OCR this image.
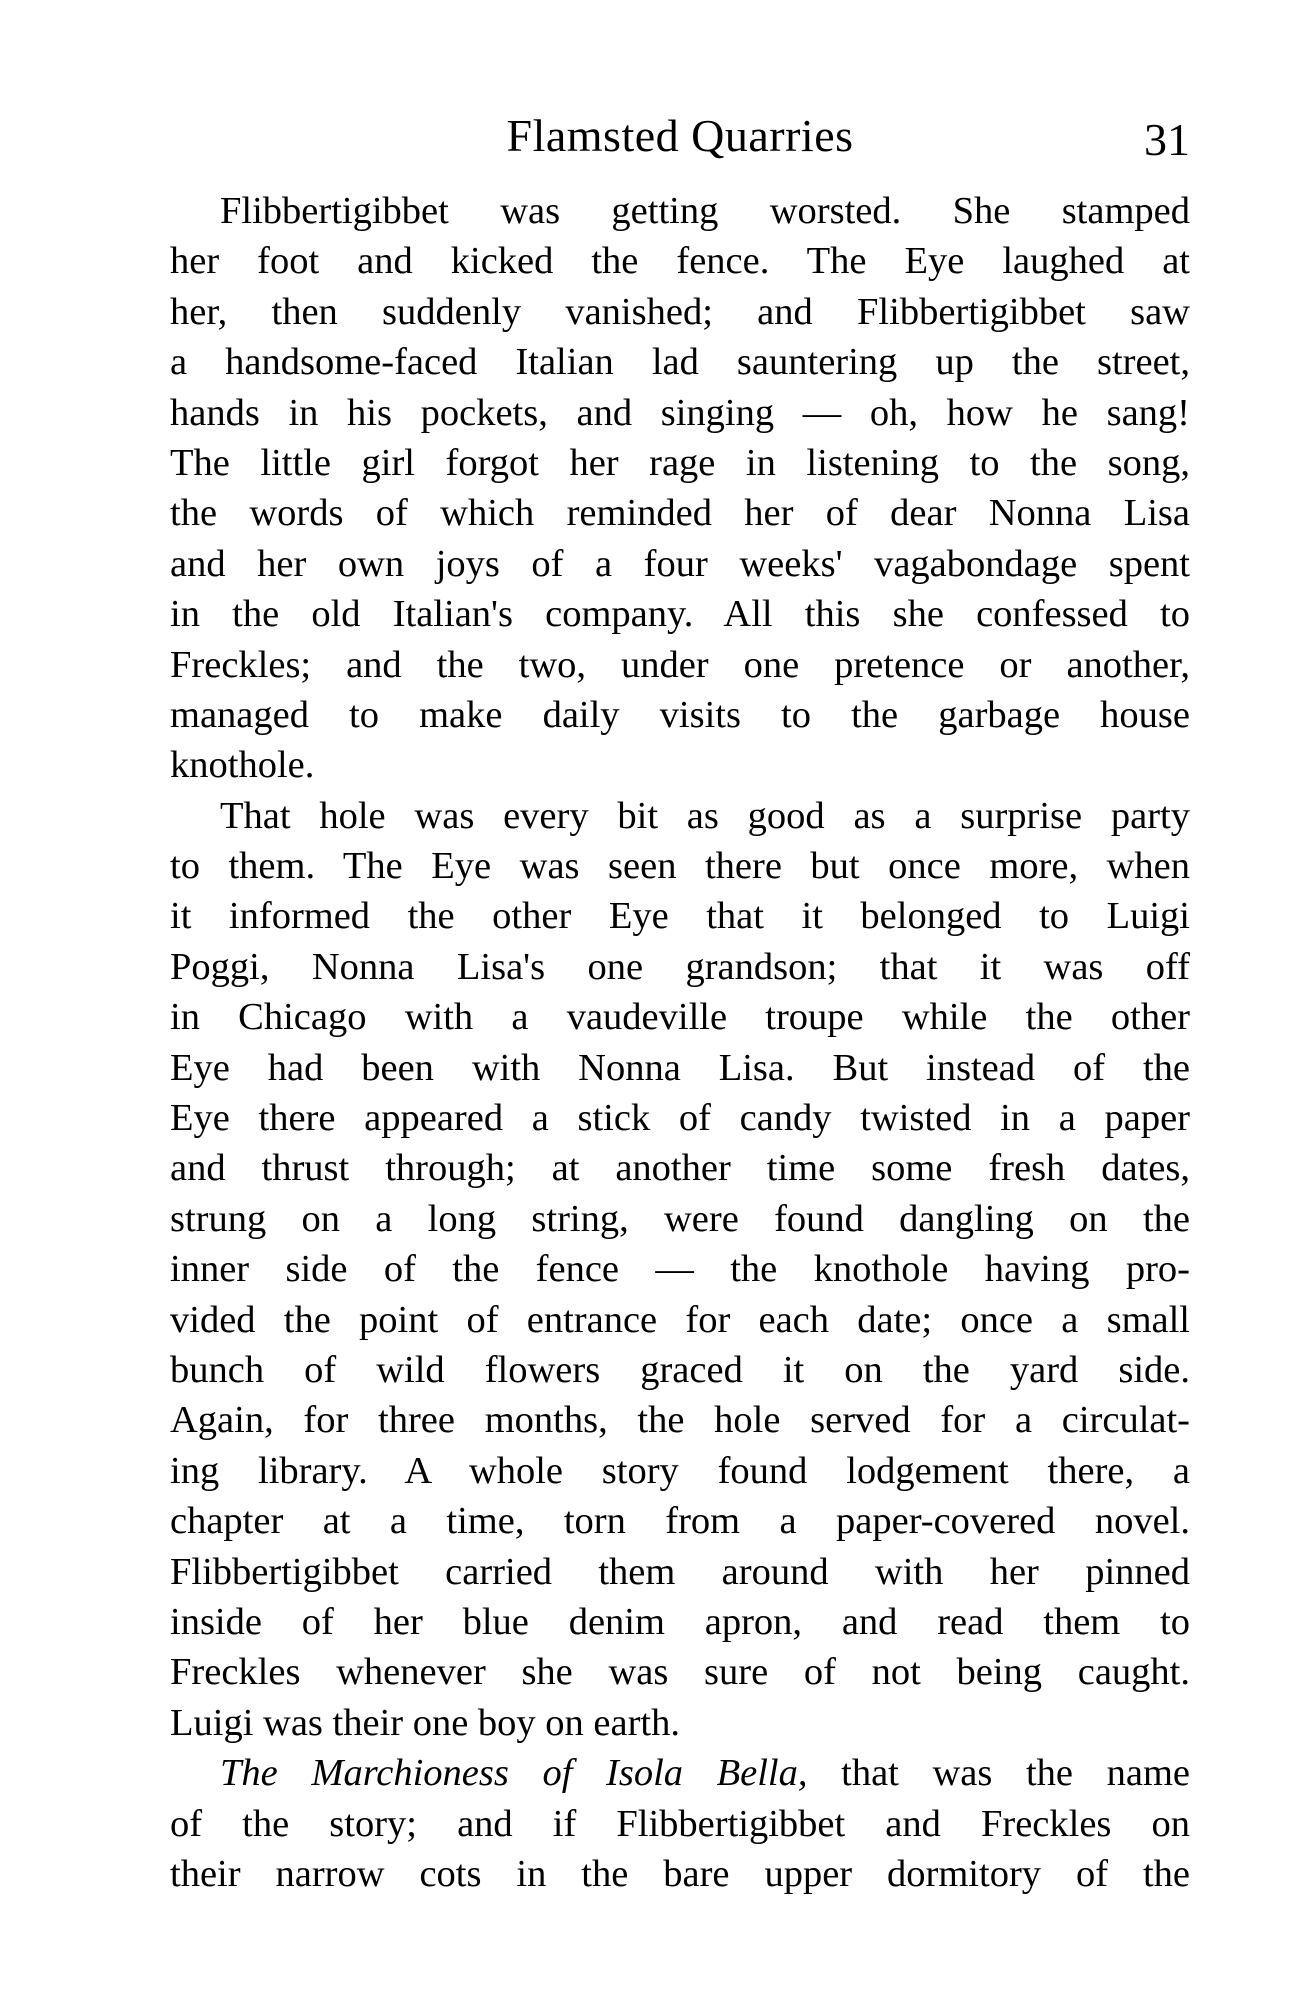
Flamsted Quarries	31
Flibbertigibbet was getting worsted. She stamped
her foot and kicked the fence. The Eye laughed at
her, then suddenly vanished; and Flibbertigibbet saw
a handsome-faced Italian lad sauntering up the street,
hands in his pockets, and singing — oh, how he sang!
The little girl forgot her rage in listening to the song,
the words of which reminded her of dear Nonna Lisa
and her own joys of a four weeks' vagabondage spent
in the old Italian's company. All this she confessed to
Freckles; and the two, under one pretence or another,
managed to make daily visits to the garbage house
knothole.
That hole was every bit as good as a surprise party
to them. The Eye was seen there but once more, when
it informed the other Eye that it belonged to Luigi
Poggi, Nonna Lisa's one grandson; that it was off
in Chicago with a vaudeville troupe while the other
Eye had been with Nonna Lisa. But instead of the
Eye there appeared a stick of candy twisted in a paper
and thrust through; at another time some fresh dates,
strung on a long string, were found dangling on the
inner side of the fence — the knothole having pro-
vided the point of entrance for each date; once a small
bunch of wild flowers graced it on the yard side.
Again, for three months, the hole served for a circulat-
ing library. A whole story found lodgement there, a
chapter at a time, torn from a paper-covered novel.
Flibbertigibbet carried them around with her pinned
inside of her blue denim apron, and read them to
Freckles whenever she was sure of not being caught.
Luigi was their one boy on earth.
The Marchioness of Isola Bella, that was the name
of the story; and if Flibbertigibbet and Freckles on
their narrow cots in the bare upper dormitory of the
